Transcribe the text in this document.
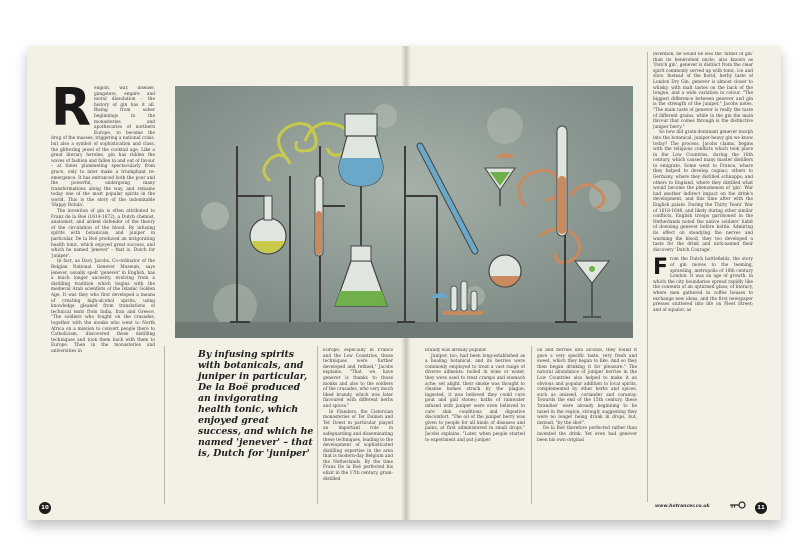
R eligion, war, disease, gangsters, empire and moral dissolution – the history of gin has it all. Rising from sober beginnings in the monasteries and apothecaries of northern Europe, to become the drug of the masses, triggering a national crisis, but also a symbol of sophistication and class, the glittering jewel of the cocktail age. Like a great literary heroine, gin has ridden the waves of fashion and fallen in and out of favour – at times plummeting spectacularly from grace, only to later make a triumphant re-emergence. It has entranced both the poor and the powerful, undergoing many transformations along the way, and remains today one of the most popular spirits in the world. This is the story of the indomitable 'Happy Botula'.

The invention of gin is often attributed to Franz de la Boë (1614-1672), a Dutch chemist, anatomist, and ardent defender of the theory of the circulation of the blood. By infusing spirits with botanicals, and juniper in particular, De la Boë produced an invigorating health tonic, which enjoyed great success, and which he named 'jenever' – that is, Dutch for 'juniper'.

In fact, as Davy Jacobs, Co-ordinator of the Belgian National Genever Museum, says jenever, usually spelt 'genever' in English, has a much longer ancestry, evolving from a distilling tradition which begins with the medieval Arab scientists of the Islamic Golden Age. It was they who first developed a means of creating high-alcohol spirits, using knowledge gleaned from translations of technical texts from India, Iran and Greece. "The soldiers who fought on the crusades, together with the monks who went to North Africa on a mission to convert people there to Catholicism, discovered these distilling techniques and took them back with them to Europe. Then in the monasteries and universities in	By infusing spirits with botanicals, and juniper in particular, De la Boë produced an invigorating health tonic, which enjoyed great success, and which he named 'jenever' – that is, Dutch for 'juniper'

Europe, especially in France and the Low Countries, those techniques were further developed and refined," Jacobs explains. "That we have genever is thanks to those monks and also to the soldiers of the crusades, who very much liked brandy, which was later flavoured with different herbs and spices."

In Flanders, the Cistercian monasteries of Ter Duinen and Ter Doest in particular played an important role in safeguarding and disseminating these techniques, leading to the development of sophisticated distilling expertise in the area that is modern-day Belgium and the Netherlands. By the time Franz De la Boë perfected his elixir in the 17th century, grain-distilled

10

brandy was already popular.

Juniper, too, had been long-established as a healing botanical, and its berries were commonly employed to treat a vast range of diverse ailments: boiled in wine or water, they were used to treat cramps and stomach ache; set alight, their smoke was thought to cleanse homes struck by the plague; ingested, it was believed they could cure gout and gall stones; baths of rainwater infused with juniper were even believed to cure skin conditions and digestive discomfort. "The oil of the juniper berry was given to people for all kinds of diseases and pains, at first administered in small drops," Jacobs explains. "Later, when people started to experiment and put juniper

oil and berries into alcohol, they found it gave a very specific taste, very fresh and sweet, which they began to like. And so they then began drinking it for pleasure." The natural abundance of juniper berries in the Low Countries also helped to make it an obvious and popular addition to local spirits, complemented by other herbs and spices, such as aniseed, coriander and caraway. Towards the end of the 15th century, these 'brandies' were already beginning to be taxed in the region, strongly suggesting they were no longer being drunk in drops, but, instead, "by the shot".

De la Boë therefore perfected rather than invented the drink. Yet even had genever been his own original

invention, he would be less the 'father of gin' than its benevolent uncle; also known as 'Dutch gin', genever is distinct from the clear spirit commonly served up with tonic, ice and slice. Instead of the florid, herby taste of London Dry Gin, genever is almost closer to whisky, with malt tastes on the back of the tongue, and a wide variation in colour. "The biggest difference between genever and gin is the strength of the juniper," Jacobs notes. "The main taste of genever is really the taste of different grains, while in the gin the main flavour that comes through is the distinctive juniper berry."

So how did grain-dominant genever morph into the botanical, juniper-heavy gin we know today? The process, Jacobs claims, begins with the religious conflicts which took place in the Low Countries, during the 16th century, which caused many master distillers to emigrate. Some went to France, where they helped to develop cognac; others to Germany, where they distilled schnapps; and others to England, where they distilled what would become the phenomenon of 'gin'. War had another indirect impact on the drink's development, and this time after with the English palate. During the Thirty Years' War of 1618-1648, and likely during other similar conflicts, English troops garrisoned in the Netherlands noted the native soldiers' habit of downing genever before battle. Admiring its effect on steadying the nerves and warming the blood, they too developed a taste for the drink and nick-named their discovery 'Dutch Courage'.

F rom the Dutch battlefields, the story of gin moves to the teeming, sprawling, metropolis of 18th century London. It was an age of growth, in which the city boundaries spread rapidly like the contents of an upturned glass; of literacy, where men gathered in coffee houses to exchange new ideas, and the first newspaper presses stuttered into life on Fleet Street; and of squalor, as
www.hotrancer.co.uk	11
